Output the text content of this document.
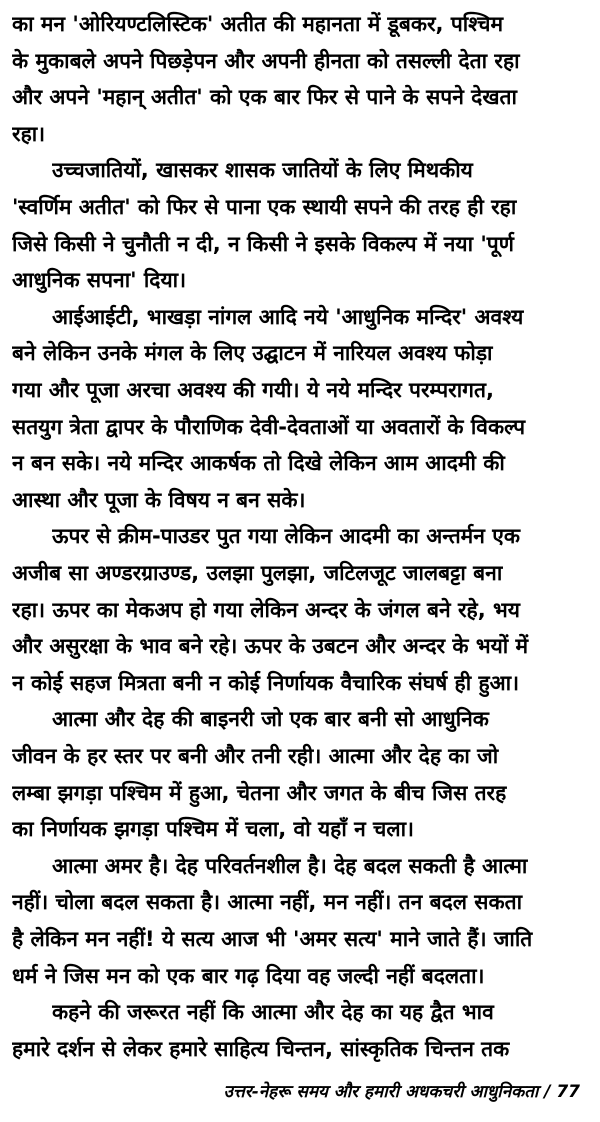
का मन 'ओरियण्टलिस्टिक' अतीत की महानता में डूबकर, पश्चिम
के मुकाबले अपने पिछड़ेपन और अपनी हीनता को तसल्ली देता रहा
और अपने 'महान् अतीत' को एक बार फिर से पाने के सपने देखता
रहा।
उच्चजातियों, खासकर शासक जातियों के लिए मिथकीय
'स्वर्णिम अतीत' को फिर से पाना एक स्थायी सपने की तरह ही रहा
जिसे किसी ने चुनौती न दी, न किसी ने इसके विकल्प में नया 'पूर्ण
आधुनिक सपना' दिया।
आईआईटी, भाखड़ा नांगल आदि नये 'आधुनिक मन्दिर' अवश्य
बने लेकिन उनके मंगल के लिए उद्घाटन में नारियल अवश्य फोड़ा
गया और पूजा अरचा अवश्य की गयी। ये नये मन्दिर परम्परागत,
सतयुग त्रेता द्वापर के पौराणिक देवी-देवताओं या अवतारों के विकल्प
न बन सके। नये मन्दिर आकर्षक तो दिखे लेकिन आम आदमी की
आस्था और पूजा के विषय न बन सके।
ऊपर से क्रीम-पाउडर पुत गया लेकिन आदमी का अन्तर्मन एक
अजीब सा अण्डरग्राउण्ड, उलझा पुलझा, जटिलजूट जालबट्टा बना
रहा। ऊपर का मेकअप हो गया लेकिन अन्दर के जंगल बने रहे, भय
और असुरक्षा के भाव बने रहे। ऊपर के उबटन और अन्दर के भयों में
न कोई सहज मित्रता बनी न कोई निर्णायक वैचारिक संघर्ष ही हुआ।
आत्मा और देह की बाइनरी जो एक बार बनी सो आधुनिक
जीवन के हर स्तर पर बनी और तनी रही। आत्मा और देह का जो
लम्बा झगड़ा पश्चिम में हुआ, चेतना और जगत के बीच जिस तरह
का निर्णायक झगड़ा पश्चिम में चला, वो यहाँ न चला।
आत्मा अमर है। देह परिवर्तनशील है। देह बदल सकती है आत्मा
नहीं। चोला बदल सकता है। आत्मा नहीं, मन नहीं। तन बदल सकता
है लेकिन मन नहीं! ये सत्य आज भी 'अमर सत्य' माने जाते हैं। जाति
धर्म ने जिस मन को एक बार गढ़ दिया वह जल्दी नहीं बदलता।
कहने की जरूरत नहीं कि आत्मा और देह का यह द्वैत भाव
हमारे दर्शन से लेकर हमारे साहित्य चिन्तन, सांस्कृतिक चिन्तन तक
उत्तर-नेहरू समय और हमारी अधकचरी आधुनिकता / 77
